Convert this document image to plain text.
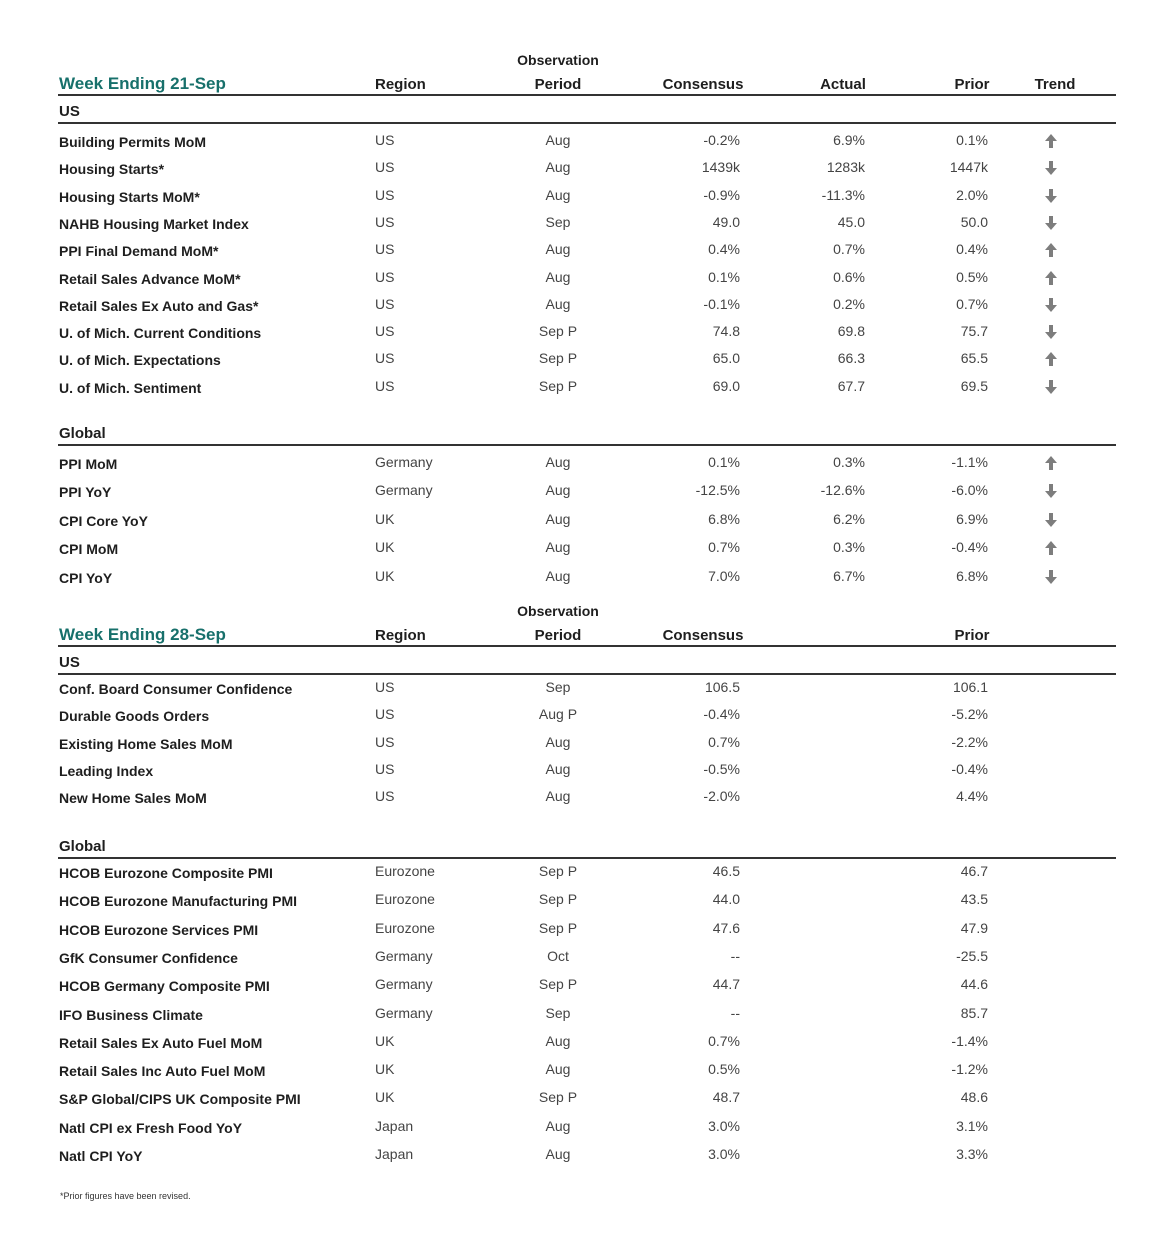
Observation
Week Ending 21-Sep	Region	Period	Consensus	Actual	Prior	Trend
US
Building Permits MoM	US	Aug	-0.2%	6.9%	0.1%
Housing Starts*	US	Aug	1439k	1283k	1447k
Housing Starts MoM*	US	Aug	-0.9%	-11.3%	2.0%
NAHB Housing Market Index	US	Sep	49.0	45.0	50.0
PPI Final Demand MoM*	US	Aug	0.4%	0.7%	0.4%
Retail Sales Advance MoM*	US	Aug	0.1%	0.6%	0.5%
Retail Sales Ex Auto and Gas*	US	Aug	-0.1%	0.2%	0.7%
U. of Mich. Current Conditions	US	Sep P	74.8	69.8	75.7
U. of Mich. Expectations	US	Sep P	65.0	66.3	65.5
U. of Mich. Sentiment	US	Sep P	69.0	67.7	69.5
Global
PPI MoM	Germany	Aug	0.1%	0.3%	-1.1%
PPI YoY	Germany	Aug	-12.5%	-12.6%	-6.0%
CPI Core YoY	UK	Aug	6.8%	6.2%	6.9%
CPI MoM	UK	Aug	0.7%	0.3%	-0.4%
CPI YoY	UK	Aug	7.0%	6.7%	6.8%
Observation
Week Ending 28-Sep	Region	Period	Consensus	Prior
US
Conf. Board Consumer Confidence	US	Sep	106.5	106.1
Durable Goods Orders	US	Aug P	-0.4%	-5.2%
Existing Home Sales MoM	US	Aug	0.7%	-2.2%
Leading Index	US	Aug	-0.5%	-0.4%
New Home Sales MoM	US	Aug	-2.0%	4.4%
Global
HCOB Eurozone Composite PMI	Eurozone	Sep P	46.5	46.7
HCOB Eurozone Manufacturing PMI	Eurozone	Sep P	44.0	43.5
HCOB Eurozone Services PMI	Eurozone	Sep P	47.6	47.9
GfK Consumer Confidence	Germany	Oct	--	-25.5
HCOB Germany Composite PMI	Germany	Sep P	44.7	44.6
IFO Business Climate	Germany	Sep	--	85.7
Retail Sales Ex Auto Fuel MoM	UK	Aug	0.7%	-1.4%
Retail Sales Inc Auto Fuel MoM	UK	Aug	0.5%	-1.2%
S&P Global/CIPS UK Composite PMI	UK	Sep P	48.7	48.6
Natl CPI ex Fresh Food YoY	Japan	Aug	3.0%	3.1%
Natl CPI YoY	Japan	Aug	3.0%	3.3%
*Prior figures have been revised.
